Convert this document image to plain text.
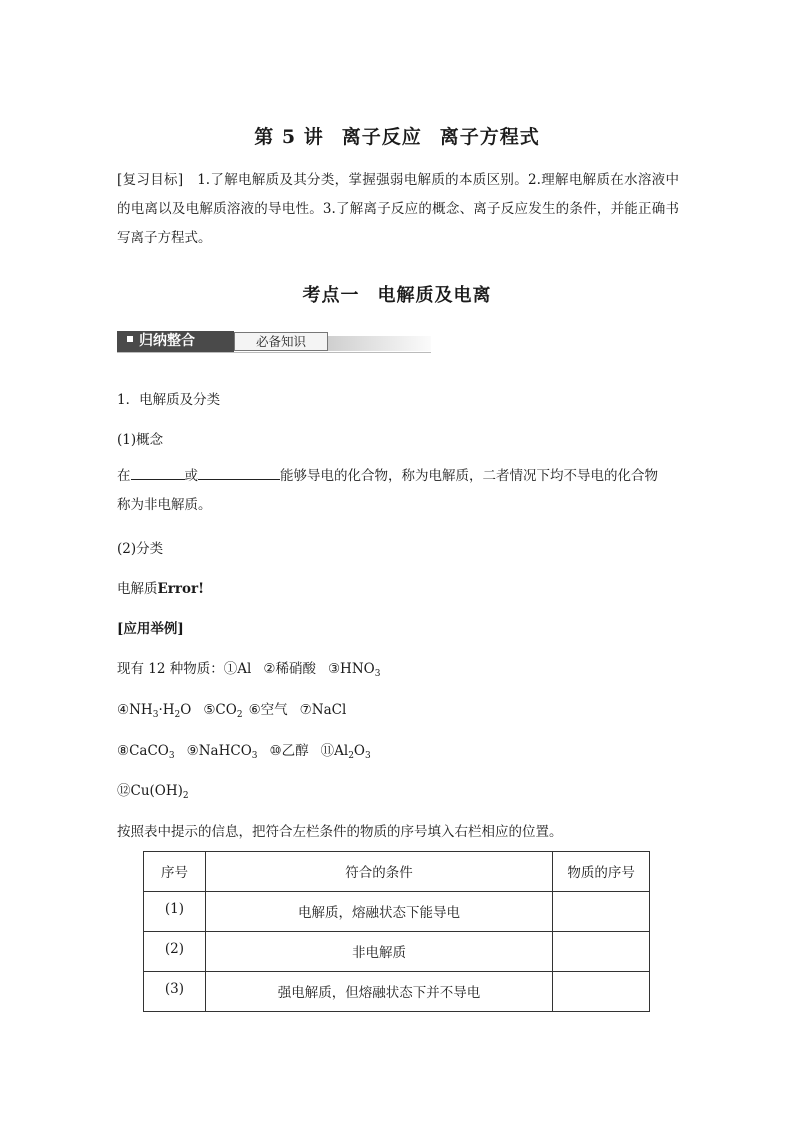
第 5 讲 离子反应 离子方程式
[复习目标]　1.了解电解质及其分类，掌握强弱电解质的本质区别。2.理解电解质在水溶液中的电离以及电解质溶液的导电性。3.了解离子反应的概念、离子反应发生的条件，并能正确书写离子方程式。
考点一 电解质及电离
归纳整合	必备知识
1．电解质及分类
(1)概念
在	或	能够导电的化合物，称为电解质，二者情况下均不导电的化合物
称为非电解质。
(2)分类
电解质Error!
[应用举例]
现有 12 种物质：①Al ②稀硝酸 $③HNO_3$
$④NH_3\cdot H_2O$ $⑤CO_2$ ⑥空气 ⑦NaCl
⑧CaCO$_3$ ⑨NaHCO$_3$ ⑩乙醇 $⑪Al_2O_3$
$⑫Cu(OH)_2$
按照表中提示的信息，把符合左栏条件的物质的序号填入右栏相应的位置。
序号	符合的条件	物质的序号
(1)	电解质，熔融状态下能导电	
(2)	非电解质	
(3)	强电解质，但熔融状态下并不导电	
